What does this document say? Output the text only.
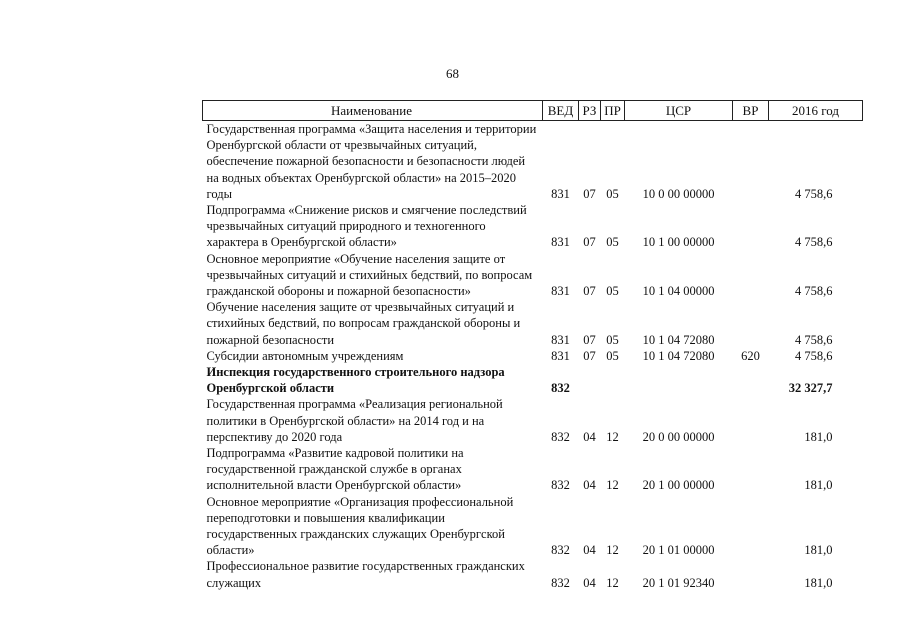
68
Наименование	ВЕД	РЗ	ПР	ЦСР	ВР	2016 год
Государственная программа «Защита населения и территории Оренбургской области от чрезвычайных ситуаций, обеспечение пожарной безопасности и безопасности людей на водных объектах Оренбургской области» на 2015–2020 годы	831	07	05	10 0 00 00000		4 758,6
Подпрограмма «Снижение рисков и смягчение последствий чрезвычайных ситуаций природного и техногенного характера в Оренбургской области»	831	07	05	10 1 00 00000		4 758,6
Основное мероприятие «Обучение населения защите от чрезвычайных ситуаций и стихийных бедствий, по вопросам гражданской обороны и пожарной безопасности»	831	07	05	10 1 04 00000		4 758,6
Обучение населения защите от чрезвычайных ситуаций и стихийных бедствий, по вопросам гражданской обороны и пожарной безопасности	831	07	05	10 1 04 72080		4 758,6
Субсидии автономным учреждениям	831	07	05	10 1 04 72080	620	4 758,6
Инспекция государственного строительного надзора Оренбургской области	832					32 327,7
Государственная программа «Реализация региональной политики в Оренбургской области» на 2014 год и на перспективу до 2020 года	832	04	12	20 0 00 00000		181,0
Подпрограмма «Развитие кадровой политики на государственной гражданской службе в органах исполнительной власти Оренбургской области»	832	04	12	20 1 00 00000		181,0
Основное мероприятие «Организация профессиональной переподготовки и повышения квалификации государственных гражданских служащих Оренбургской области»	832	04	12	20 1 01 00000		181,0
Профессиональное развитие государственных гражданских служащих	832	04	12	20 1 01 92340		181,0
